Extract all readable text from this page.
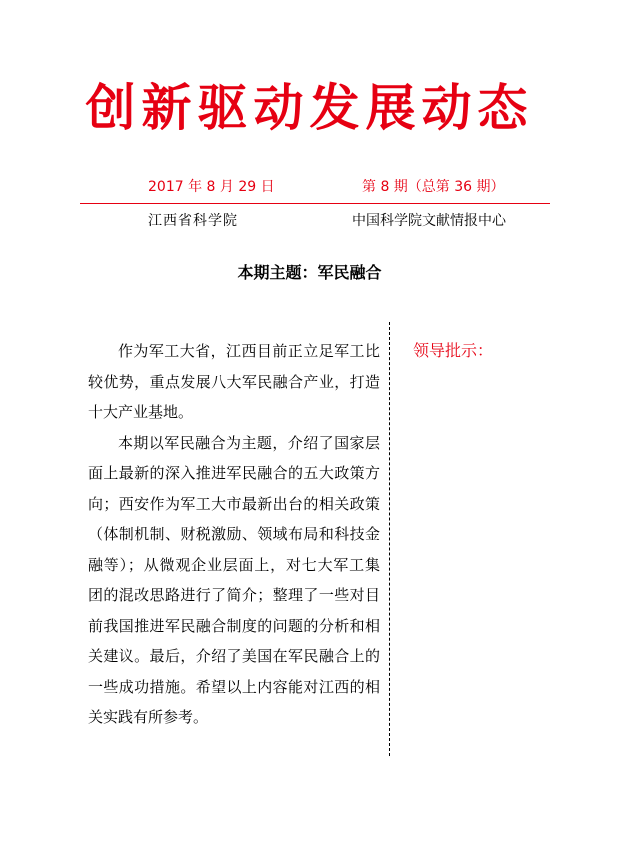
创新驱动发展动态
2017 年 8 月 29 日	第 8 期（总第 36 期）
江西省科学院	中国科学院文献情报中心
本期主题：军民融合

作为军工大省，江西目前正立足军工比较优势，重点发展八大军民融合产业，打造十大产业基地。

本期以军民融合为主题，介绍了国家层面上最新的深入推进军民融合的五大政策方向；西安作为军工大市最新出台的相关政策（体制机制、财税激励、领域布局和科技金融等）；从微观企业层面上，对七大军工集团的混改思路进行了简介；整理了一些对目前我国推进军民融合制度的问题的分析和相关建议。最后，介绍了美国在军民融合上的一些成功措施。希望以上内容能对江西的相关实践有所参考。

领导批示：
